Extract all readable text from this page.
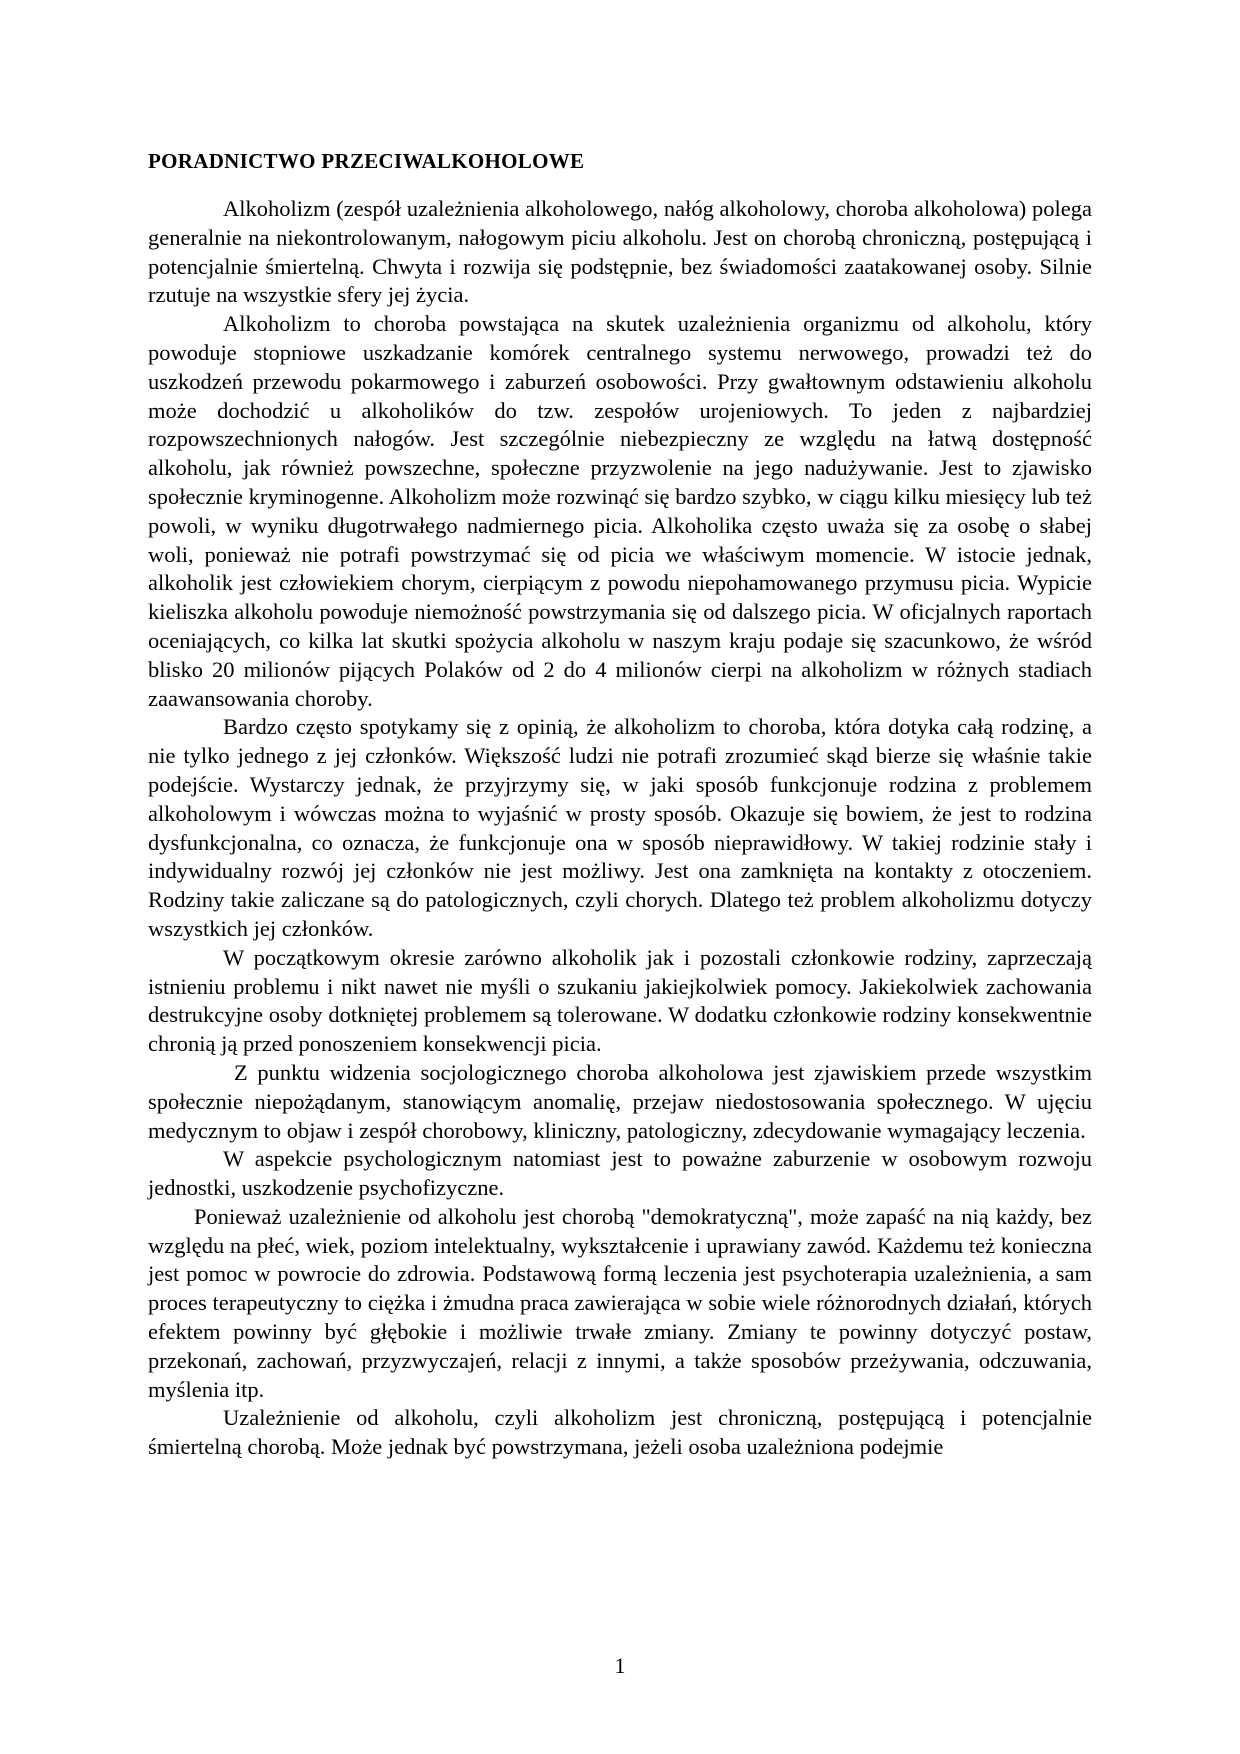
PORADNICTWO PRZECIWALKOHOLOWE

Alkoholizm (zespół uzależnienia alkoholowego, nałóg alkoholowy, choroba alkoholowa) polega generalnie na niekontrolowanym, nałogowym piciu alkoholu. Jest on chorobą chroniczną, postępującą i potencjalnie śmiertelną. Chwyta i rozwija się podstępnie, bez świadomości zaatakowanej osoby. Silnie rzutuje na wszystkie sfery jej życia.

Alkoholizm to choroba powstająca na skutek uzależnienia organizmu od alkoholu, który powoduje stopniowe uszkadzanie komórek centralnego systemu nerwowego, prowadzi też do uszkodzeń przewodu pokarmowego i zaburzeń osobowości. Przy gwałtownym odstawieniu alkoholu może dochodzić u alkoholików do tzw. zespołów urojeniowych. To jeden z najbardziej rozpowszechnionych nałogów. Jest szczególnie niebezpieczny ze względu na łatwą dostępność alkoholu, jak również powszechne, społeczne przyzwolenie na jego nadużywanie. Jest to zjawisko społecznie kryminogenne. Alkoholizm może rozwinąć się bardzo szybko, w ciągu kilku miesięcy lub też powoli, w wyniku długotrwałego nadmiernego picia. Alkoholika często uważa się za osobę o słabej woli, ponieważ nie potrafi powstrzymać się od picia we właściwym momencie. W istocie jednak, alkoholik jest człowiekiem chorym, cierpiącym z powodu niepohamowanego przymusu picia. Wypicie kieliszka alkoholu powoduje niemożność powstrzymania się od dalszego picia. W oficjalnych raportach oceniających, co kilka lat skutki spożycia alkoholu w naszym kraju podaje się szacunkowo, że wśród blisko 20 milionów pijących Polaków od 2 do 4 milionów cierpi na alkoholizm w różnych stadiach zaawansowania choroby.

Bardzo często spotykamy się z opinią, że alkoholizm to choroba, która dotyka całą rodzinę, a nie tylko jednego z jej członków. Większość ludzi nie potrafi zrozumieć skąd bierze się właśnie takie podejście. Wystarczy jednak, że przyjrzymy się, w jaki sposób funkcjonuje rodzina z problemem alkoholowym i wówczas można to wyjaśnić w prosty sposób. Okazuje się bowiem, że jest to rodzina dysfunkcjonalna, co oznacza, że funkcjonuje ona w sposób nieprawidłowy. W takiej rodzinie stały i indywidualny rozwój jej członków nie jest możliwy. Jest ona zamknięta na kontakty z otoczeniem. Rodziny takie zaliczane są do patologicznych, czyli chorych. Dlatego też problem alkoholizmu dotyczy wszystkich jej członków.

W początkowym okresie zarówno alkoholik jak i pozostali członkowie rodziny, zaprzeczają istnieniu problemu i nikt nawet nie myśli o szukaniu jakiejkolwiek pomocy. Jakiekolwiek zachowania destrukcyjne osoby dotkniętej problemem są tolerowane. W dodatku członkowie rodziny konsekwentnie chronią ją przed ponoszeniem konsekwencji picia.

Z punktu widzenia socjologicznego choroba alkoholowa jest zjawiskiem przede wszystkim społecznie niepożądanym, stanowiącym anomalię, przejaw niedostosowania społecznego. W ujęciu medycznym to objaw i zespół chorobowy, kliniczny, patologiczny, zdecydowanie wymagający leczenia.

W aspekcie psychologicznym natomiast jest to poważne zaburzenie w osobowym rozwoju jednostki, uszkodzenie psychofizyczne.

Ponieważ uzależnienie od alkoholu jest chorobą "demokratyczną", może zapaść na nią każdy, bez względu na płeć, wiek, poziom intelektualny, wykształcenie i uprawiany zawód. Każdemu też konieczna jest pomoc w powrocie do zdrowia. Podstawową formą leczenia jest psychoterapia uzależnienia, a sam proces terapeutyczny to ciężka i żmudna praca zawierająca w sobie wiele różnorodnych działań, których efektem powinny być głębokie i możliwie trwałe zmiany. Zmiany te powinny dotyczyć postaw, przekonań, zachowań, przyzwyczajeń, relacji z innymi, a także sposobów przeżywania, odczuwania, myślenia itp.

Uzależnienie od alkoholu, czyli alkoholizm jest chroniczną, postępującą i potencjalnie śmiertelną chorobą. Może jednak być powstrzymana, jeżeli osoba uzależniona podejmie

1
